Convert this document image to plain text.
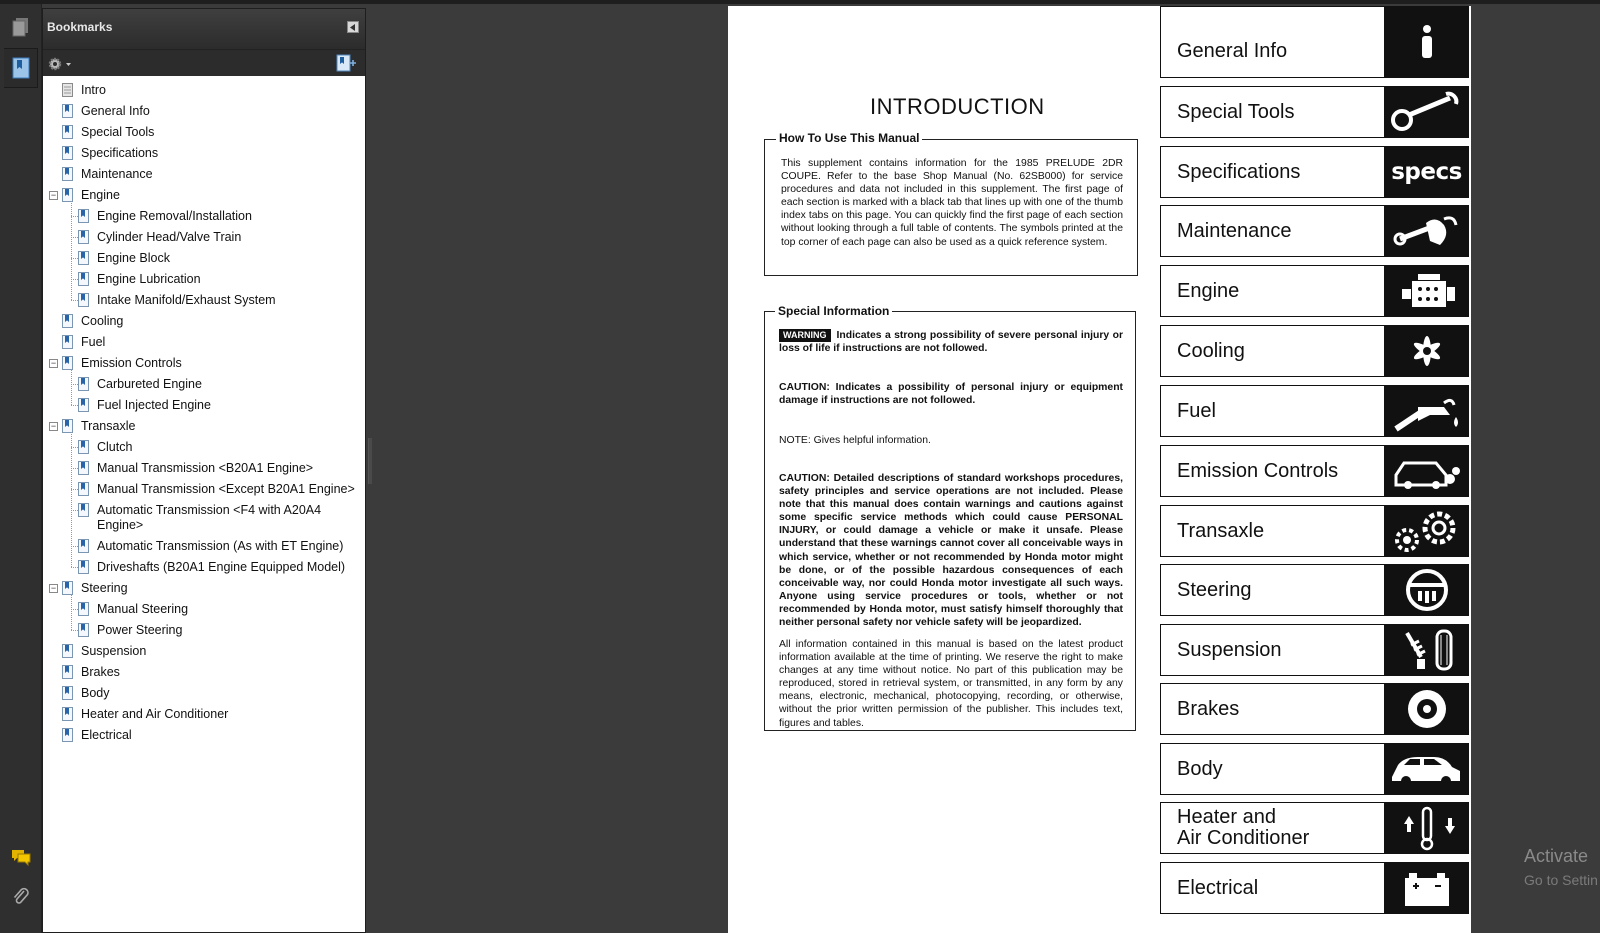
Bookmarks
Intro
General Info
Special Tools
Specifications
Maintenance
Engine
−
Engine Removal/Installation
Cylinder Head/Valve Train
Engine Block
Engine Lubrication
Intake Manifold/Exhaust System
Cooling
Fuel
Emission Controls
−
Carbureted Engine
Fuel Injected Engine
Transaxle
−
Clutch
Manual Transmission <B20A1 Engine>
Manual Transmission <Except B20A1 Engine>
Automatic Transmission <F4 with A20A4 Engine>
Automatic Transmission (As with ET Engine)
Driveshafts (B20A1 Engine Equipped Model)
Steering
−
Manual Steering
Power Steering
Suspension
Brakes
Body
Heater and Air Conditioner
Electrical
INTRODUCTION
How To Use This Manual
This supplement contains information for the 1985 PRELUDE 2DR COUPE. Refer to the base Shop Manual (No. 62SB000) for service procedures and data not included in this supplement. The first page of each section is marked with a black tab that lines up with one of the thumb index tabs on this page. You can quickly find the first page of each section without looking through a full table of contents. The symbols printed at the top corner of each page can also be used as a quick reference system.
Special Information
WARNING Indicates a strong possibility of severe personal injury or loss of life if instructions are not followed.
CAUTION: Indicates a possibility of personal injury or equipment damage if instructions are not followed.
NOTE: Gives helpful information.
CAUTION: Detailed descriptions of standard workshops procedures, safety principles and service operations are not included. Please note that this manual does contain warnings and cautions against some specific service methods which could cause PERSONAL INJURY, or could damage a vehicle or make it unsafe. Please understand that these warnings cannot cover all conceivable ways in which service, whether or not recommended by Honda motor might be done, or of the possible hazardous consequences of each conceivable way, nor could Honda motor investigate all such ways. Anyone using service procedures or tools, whether or not recommended by Honda motor, must satisfy himself thoroughly that neither personal safety nor vehicle safety will be jeopardized.
All information contained in this manual is based on the latest product information available at the time of printing. We reserve the right to make changes at any time without notice. No part of this publication may be reproduced, stored in retrieval system, or transmitted, in any form by any means, electronic, mechanical, photocopying, recording, or otherwise, without the prior written permission of the publisher. This includes text, figures and tables.
General Info
Special Tools
Specifications	specs
Maintenance
Engine
Cooling
Fuel
Emission Controls
Transaxle
Steering
Suspension
Brakes
Body
Heater and
Air Conditioner
Electrical
Activate
Go to Settin
